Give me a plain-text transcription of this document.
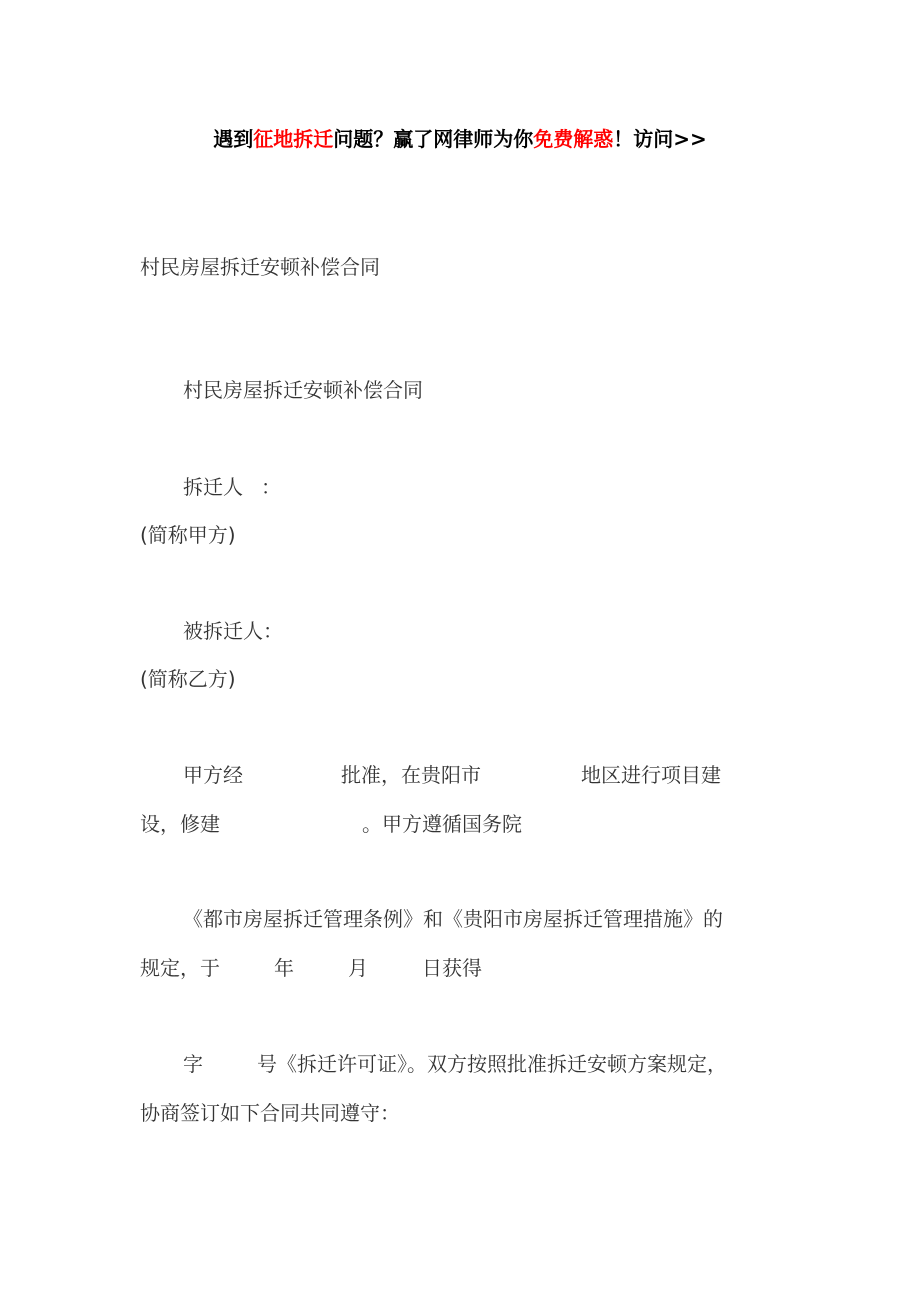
遇到征地拆迁问题？赢了网律师为你免费解惑！访问>>
村民房屋拆迁安顿补偿合同
村民房屋拆迁安顿补偿合同
拆迁人 ：
(简称甲方)
被拆迁人：
(简称乙方)
甲方经	批准，在贵阳市	地区进行项目建
设，修建	。甲方遵循国务院
《都市房屋拆迁管理条例》和《贵阳市房屋拆迁管理措施》的
规定，于	年	月	日获得
字	号《拆迁许可证》。双方按照批准拆迁安顿方案规定，
协商签订如下合同共同遵守：
